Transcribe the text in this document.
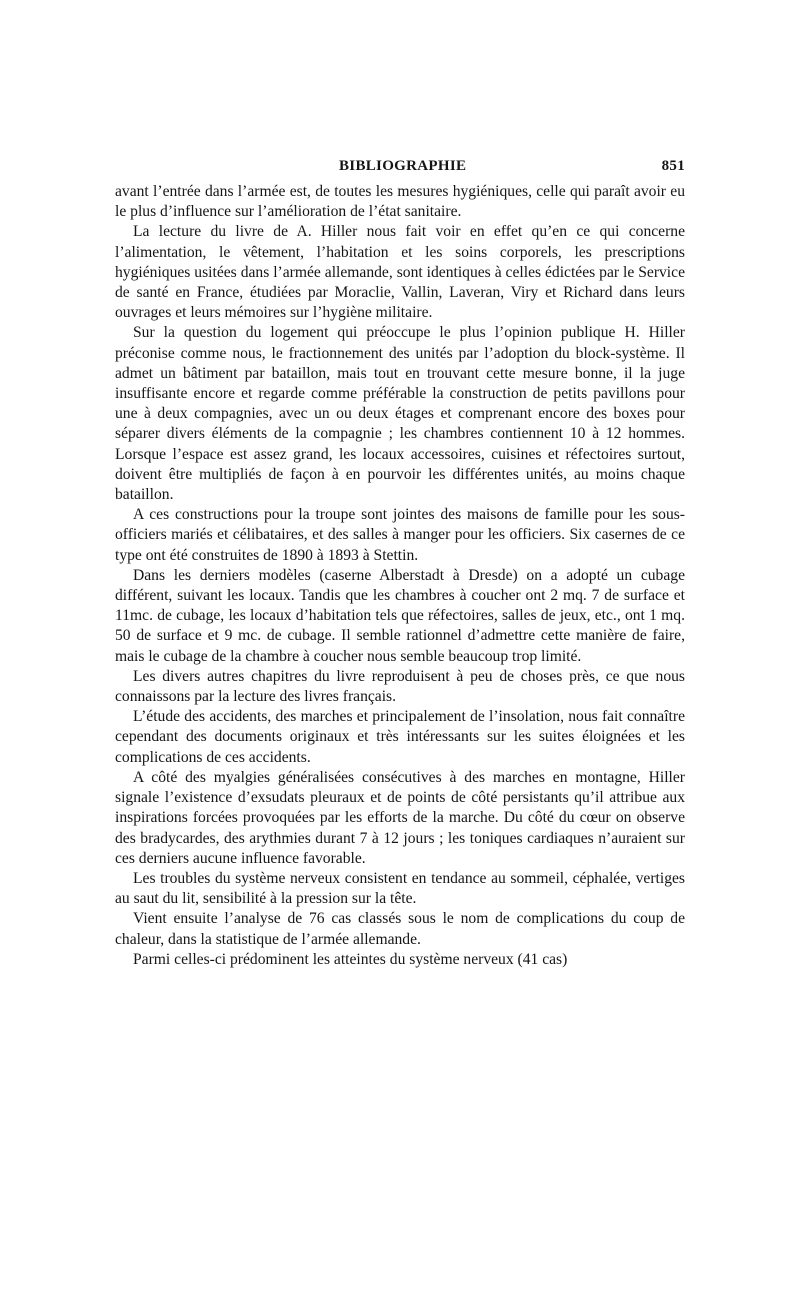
BIBLIOGRAPHIE	851

avant l’entrée dans l’armée est, de toutes les mesures hygiéniques, celle qui paraît avoir eu le plus d’influence sur l’amélioration de l’état sanitaire.

La lecture du livre de A. Hiller nous fait voir en effet qu’en ce qui concerne l’alimentation, le vêtement, l’habitation et les soins corporels, les prescriptions hygiéniques usitées dans l’armée allemande, sont identiques à celles édictées par le Service de santé en France, étudiées par Moraclie, Vallin, Laveran, Viry et Richard dans leurs ouvrages et leurs mémoires sur l’hygiène militaire.

Sur la question du logement qui préoccupe le plus l’opinion publique H. Hiller préconise comme nous, le fractionnement des unités par l’adoption du block-système. Il admet un bâtiment par bataillon, mais tout en trouvant cette mesure bonne, il la juge insuffisante encore et regarde comme préférable la construction de petits pavillons pour une à deux compagnies, avec un ou deux étages et comprenant encore des boxes pour séparer divers éléments de la compagnie ; les chambres contiennent 10 à 12 hommes. Lorsque l’espace est assez grand, les locaux accessoires, cuisines et réfectoires surtout, doivent être multipliés de façon à en pourvoir les différentes unités, au moins chaque bataillon.

A ces constructions pour la troupe sont jointes des maisons de famille pour les sous-officiers mariés et célibataires, et des salles à manger pour les officiers. Six casernes de ce type ont été construites de 1890 à 1893 à Stettin.

Dans les derniers modèles (caserne Alberstadt à Dresde) on a adopté un cubage différent, suivant les locaux. Tandis que les chambres à coucher ont 2 mq. 7 de surface et 11mc. de cubage, les locaux d’habitation tels que réfectoires, salles de jeux, etc., ont 1 mq. 50 de surface et 9 mc. de cubage. Il semble rationnel d’admettre cette manière de faire, mais le cubage de la chambre à coucher nous semble beaucoup trop limité.

Les divers autres chapitres du livre reproduisent à peu de choses près, ce que nous connaissons par la lecture des livres français.

L’étude des accidents, des marches et principalement de l’insolation, nous fait connaître cependant des documents originaux et très intéressants sur les suites éloignées et les complications de ces accidents.

A côté des myalgies généralisées consécutives à des marches en montagne, Hiller signale l’existence d’exsudats pleuraux et de points de côté persistants qu’il attribue aux inspirations forcées provoquées par les efforts de la marche. Du côté du cœur on observe des bradycardes, des arythmies durant 7 à 12 jours ; les toniques cardiaques n’auraient sur ces derniers aucune influence favorable.

Les troubles du système nerveux consistent en tendance au sommeil, céphalée, vertiges au saut du lit, sensibilité à la pression sur la tête.

Vient ensuite l’analyse de 76 cas classés sous le nom de complications du coup de chaleur, dans la statistique de l’armée allemande.

Parmi celles-ci prédominent les atteintes du système nerveux (41 cas)
